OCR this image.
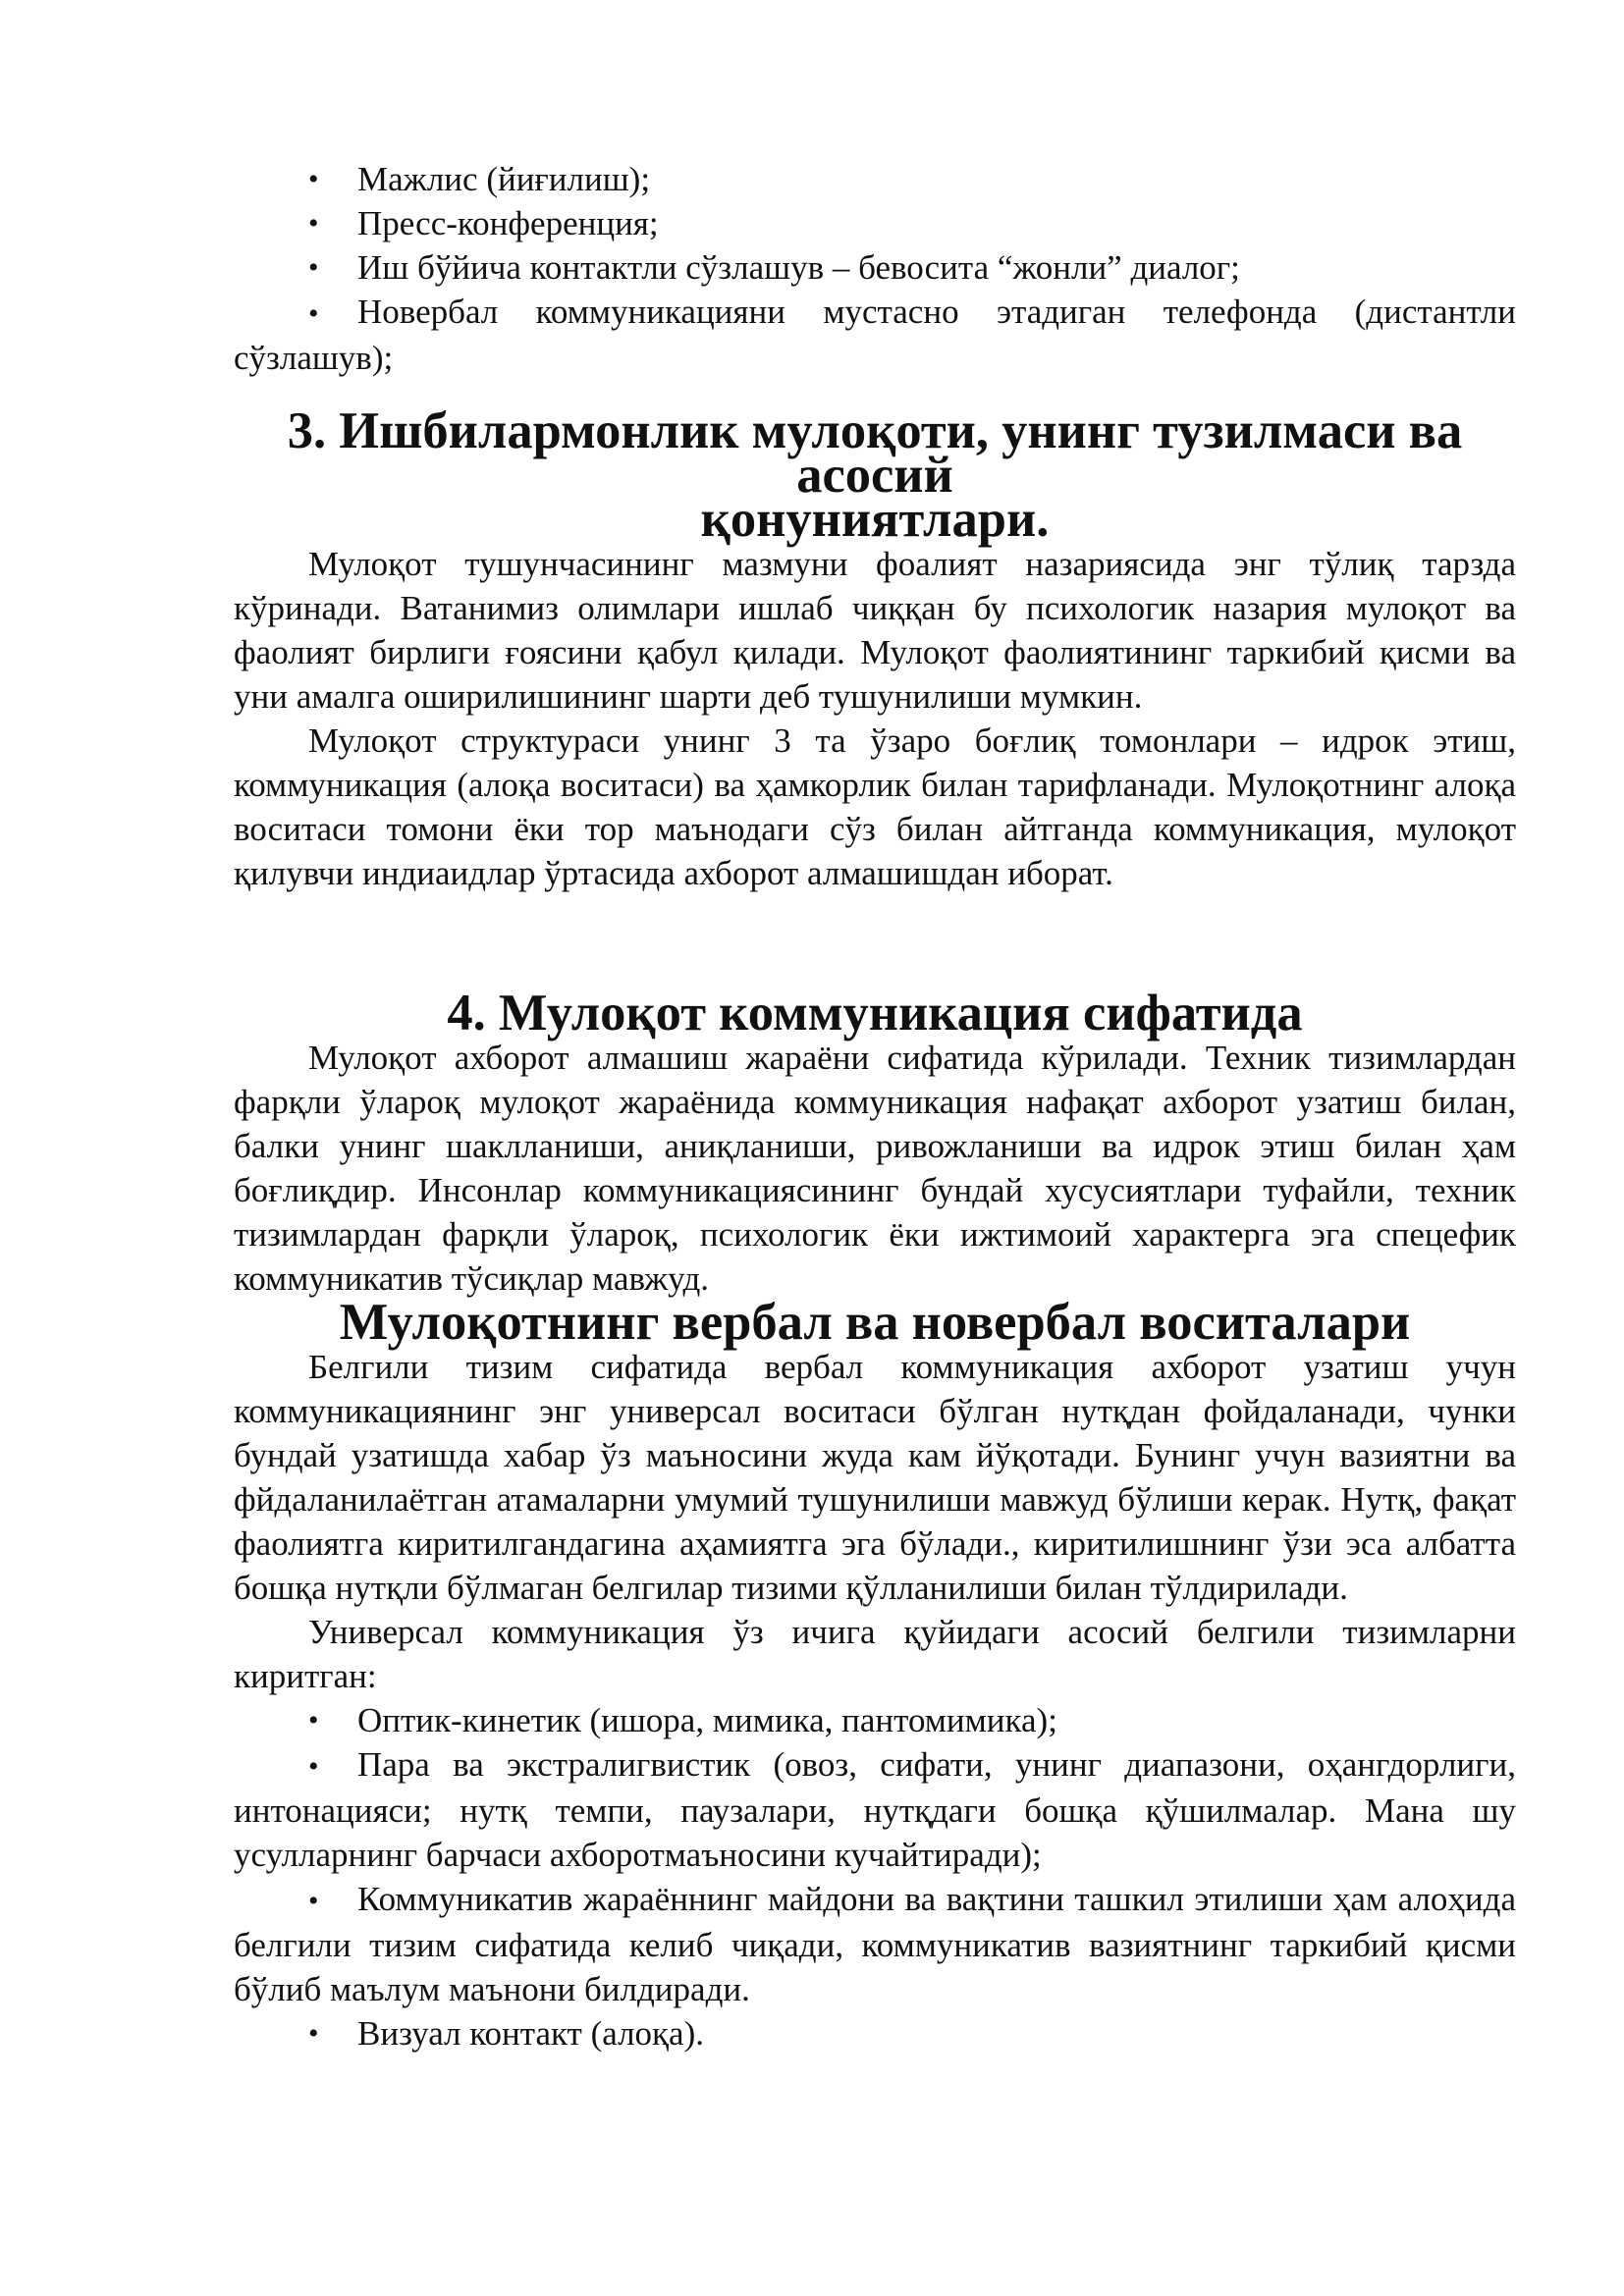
• Мажлис (йиғилиш);
• Пресс-конференция;
• Иш бўйича контактли сўзлашув – бевосита “жонли” диалог;
• Новербал коммуникацияни мустасно этадиган телефонда (дистантли сўзлашув);
3. Ишбилармонлик мулоқоти, унинг тузилмаси ва асосий
қонуниятлари.

Мулоқот тушунчасининг мазмуни фоалият назариясида энг тўлиқ тарзда кўринади. Ватанимиз олимлари ишлаб чиққан бу психологик назария мулоқот ва фаолият бирлиги ғоясини қабул қилади. Мулоқот фаолиятининг таркибий қисми ва уни амалга оширилишининг шарти деб тушунилиши мумкин.

Мулоқот структураси унинг 3 та ўзаро боғлиқ томонлари – идрок этиш, коммуникация (алоқа воситаси) ва ҳамкорлик билан тарифланади. Мулоқотнинг алоқа воситаси томони ёки тор маънодаги сўз билан айтганда коммуникация, мулоқот қилувчи индиаидлар ўртасида ахборот алмашишдан иборат.

4. Мулоқот коммуникация сифатида

Мулоқот ахборот алмашиш жараёни сифатида кўрилади. Техник тизимлардан фарқли ўлароқ мулоқот жараёнида коммуникация нафақат ахборот узатиш билан, балки унинг шаклланиши, аниқланиши, ривожланиши ва идрок этиш билан ҳам боғлиқдир. Инсонлар коммуникациясининг бундай хусусиятлари туфайли, техник тизимлардан фарқли ўлароқ, психологик ёки ижтимоий характерга эга спецефик коммуникатив тўсиқлар мавжуд.

Мулоқотнинг вербал ва новербал воситалари

Белгили тизим сифатида вербал коммуникация ахборот узатиш учун коммуникациянинг энг универсал воситаси бўлган нутқдан фойдаланади, чунки бундай узатишда хабар ўз маъносини жуда кам йўқотади. Бунинг учун вазиятни ва фйдаланилаётган атамаларни умумий тушунилиши мавжуд бўлиши керак. Нутқ, фақат фаолиятга киритилгандагина аҳамиятга эга бўлади., киритилишнинг ўзи эса албатта бошқа нутқли бўлмаган белгилар тизими қўлланилиши билан тўлдирилади.

Универсал коммуникация ўз ичига қуйидаги асосий белгили тизимларни киритган:

• Оптик-кинетик (ишора, мимика, пантомимика);
• Пара ва экстралигвистик (овоз, сифати, унинг диапазони, оҳангдорлиги, интонацияси; нутқ темпи, паузалари, нутқдаги бошқа қўшилмалар. Мана шу усулларнинг барчаси ахборотмаъносини кучайтиради);
• Коммуникатив жараённинг майдони ва вақтини ташкил этилиши ҳам алоҳида белгили тизим сифатида келиб чиқади, коммуникатив вазиятнинг таркибий қисми бўлиб маълум маънони билдиради.
• Визуал контакт (алоқа).
